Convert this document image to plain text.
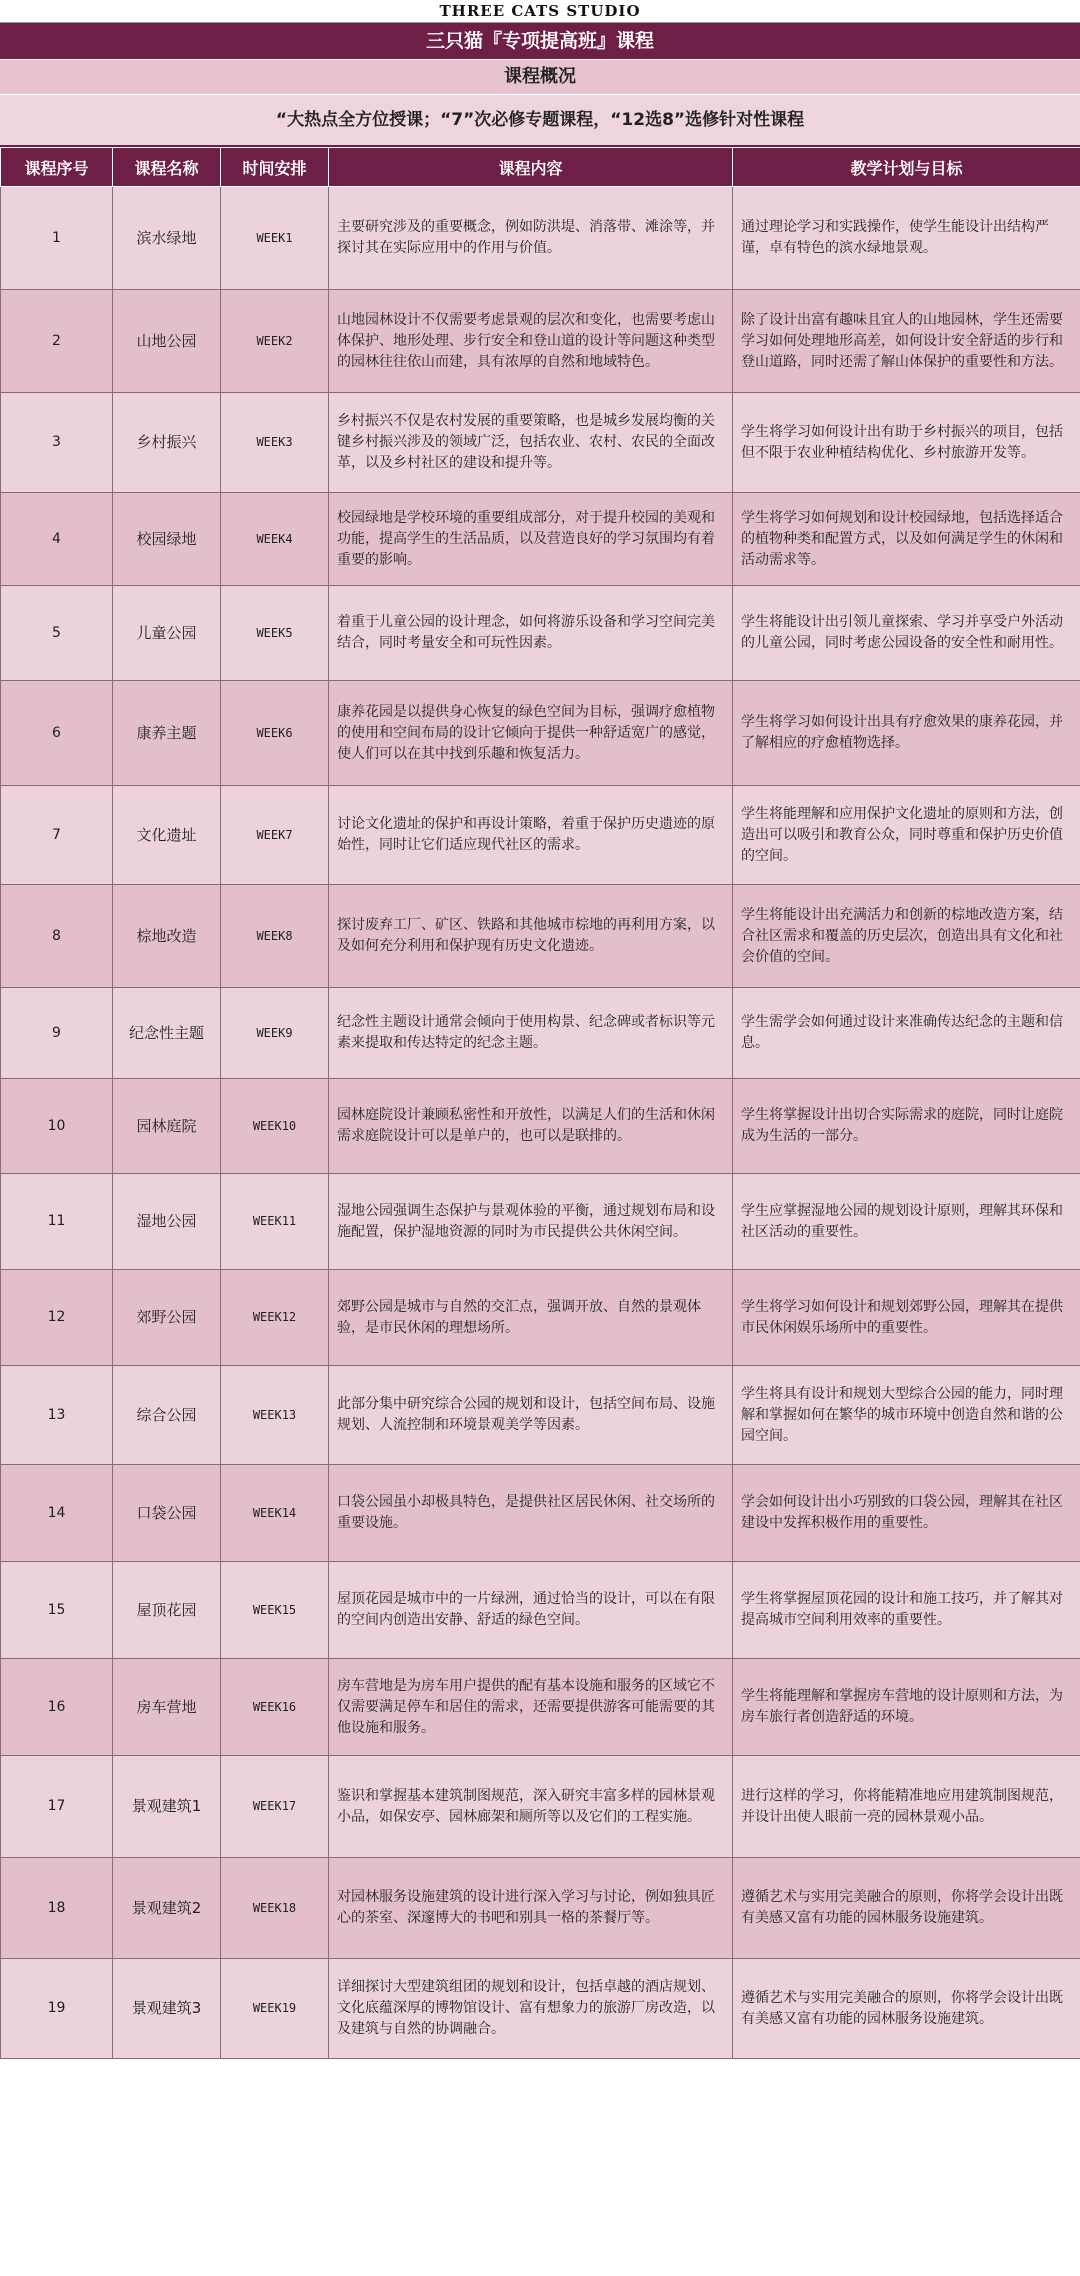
THREE CATS STUDIO
三只猫『专项提高班』课程
课程概况
“大热点全方位授课；“7”次必修专题课程，“12选8”选修针对性课程
课程序号	课程名称	时间安排	课程内容	教学计划与目标
1	滨水绿地	WEEK1	主要研究涉及的重要概念，例如防洪堤、消落带、滩涂等，并探讨其在实际应用中的作用与价值。	通过理论学习和实践操作，使学生能设计出结构严谨，卓有特色的滨水绿地景观。
2	山地公园	WEEK2	山地园林设计不仅需要考虑景观的层次和变化，也需要考虑山体保护、地形处理、步行安全和登山道的设计等问题这种类型的园林往往依山而建，具有浓厚的自然和地域特色。	除了设计出富有趣味且宜人的山地园林，学生还需要学习如何处理地形高差，如何设计安全舒适的步行和登山道路，同时还需了解山体保护的重要性和方法。
3	乡村振兴	WEEK3	乡村振兴不仅是农村发展的重要策略，也是城乡发展均衡的关键乡村振兴涉及的领域广泛，包括农业、农村、农民的全面改革，以及乡村社区的建设和提升等。	学生将学习如何设计出有助于乡村振兴的项目，包括但不限于农业种植结构优化、乡村旅游开发等。
4	校园绿地	WEEK4	校园绿地是学校环境的重要组成部分，对于提升校园的美观和功能，提高学生的生活品质，以及营造良好的学习氛围均有着重要的影响。	学生将学习如何规划和设计校园绿地，包括选择适合的植物种类和配置方式，以及如何满足学生的休闲和活动需求等。
5	儿童公园	WEEK5	着重于儿童公园的设计理念，如何将游乐设备和学习空间完美结合，同时考量安全和可玩性因素。	学生将能设计出引领儿童探索、学习并享受户外活动的儿童公园，同时考虑公园设备的安全性和耐用性。
6	康养主题	WEEK6	康养花园是以提供身心恢复的绿色空间为目标，强调疗愈植物的使用和空间布局的设计它倾向于提供一种舒适宽广的感觉，使人们可以在其中找到乐趣和恢复活力。	学生将学习如何设计出具有疗愈效果的康养花园，并了解相应的疗愈植物选择。
7	文化遗址	WEEK7	讨论文化遗址的保护和再设计策略，着重于保护历史遗迹的原始性，同时让它们适应现代社区的需求。	学生将能理解和应用保护文化遗址的原则和方法，创造出可以吸引和教育公众，同时尊重和保护历史价值的空间。
8	棕地改造	WEEK8	探讨废弃工厂、矿区、铁路和其他城市棕地的再利用方案，以及如何充分利用和保护现有历史文化遗迹。	学生将能设计出充满活力和创新的棕地改造方案，结合社区需求和覆盖的历史层次，创造出具有文化和社会价值的空间。
9	纪念性主题	WEEK9	纪念性主题设计通常会倾向于使用构景、纪念碑或者标识等元素来提取和传达特定的纪念主题。	学生需学会如何通过设计来准确传达纪念的主题和信息。
10	园林庭院	WEEK10	园林庭院设计兼顾私密性和开放性，以满足人们的生活和休闲需求庭院设计可以是单户的，也可以是联排的。	学生将掌握设计出切合实际需求的庭院，同时让庭院成为生活的一部分。
11	湿地公园	WEEK11	湿地公园强调生态保护与景观体验的平衡，通过规划布局和设施配置，保护湿地资源的同时为市民提供公共休闲空间。	学生应掌握湿地公园的规划设计原则，理解其环保和社区活动的重要性。
12	郊野公园	WEEK12	郊野公园是城市与自然的交汇点，强调开放、自然的景观体验，是市民休闲的理想场所。	学生将学习如何设计和规划郊野公园，理解其在提供市民休闲娱乐场所中的重要性。
13	综合公园	WEEK13	此部分集中研究综合公园的规划和设计，包括空间布局、设施规划、人流控制和环境景观美学等因素。	学生将具有设计和规划大型综合公园的能力，同时理解和掌握如何在繁华的城市环境中创造自然和谐的公园空间。
14	口袋公园	WEEK14	口袋公园虽小却极具特色，是提供社区居民休闲、社交场所的重要设施。	学会如何设计出小巧别致的口袋公园，理解其在社区建设中发挥积极作用的重要性。
15	屋顶花园	WEEK15	屋顶花园是城市中的一片绿洲，通过恰当的设计，可以在有限的空间内创造出安静、舒适的绿色空间。	学生将掌握屋顶花园的设计和施工技巧，并了解其对提高城市空间利用效率的重要性。
16	房车营地	WEEK16	房车营地是为房车用户提供的配有基本设施和服务的区域它不仅需要满足停车和居住的需求，还需要提供游客可能需要的其他设施和服务。	学生将能理解和掌握房车营地的设计原则和方法，为房车旅行者创造舒适的环境。
17	景观建筑1	WEEK17	鉴识和掌握基本建筑制图规范，深入研究丰富多样的园林景观小品，如保安亭、园林廊架和厕所等以及它们的工程实施。	进行这样的学习，你将能精准地应用建筑制图规范，并设计出使人眼前一亮的园林景观小品。
18	景观建筑2	WEEK18	对园林服务设施建筑的设计进行深入学习与讨论，例如独具匠心的茶室、深邃博大的书吧和别具一格的茶餐厅等。	遵循艺术与实用完美融合的原则，你将学会设计出既有美感又富有功能的园林服务设施建筑。
19	景观建筑3	WEEK19	详细探讨大型建筑组团的规划和设计，包括卓越的酒店规划、文化底蕴深厚的博物馆设计、富有想象力的旅游厂房改造，以及建筑与自然的协调融合。	遵循艺术与实用完美融合的原则，你将学会设计出既有美感又富有功能的园林服务设施建筑。
